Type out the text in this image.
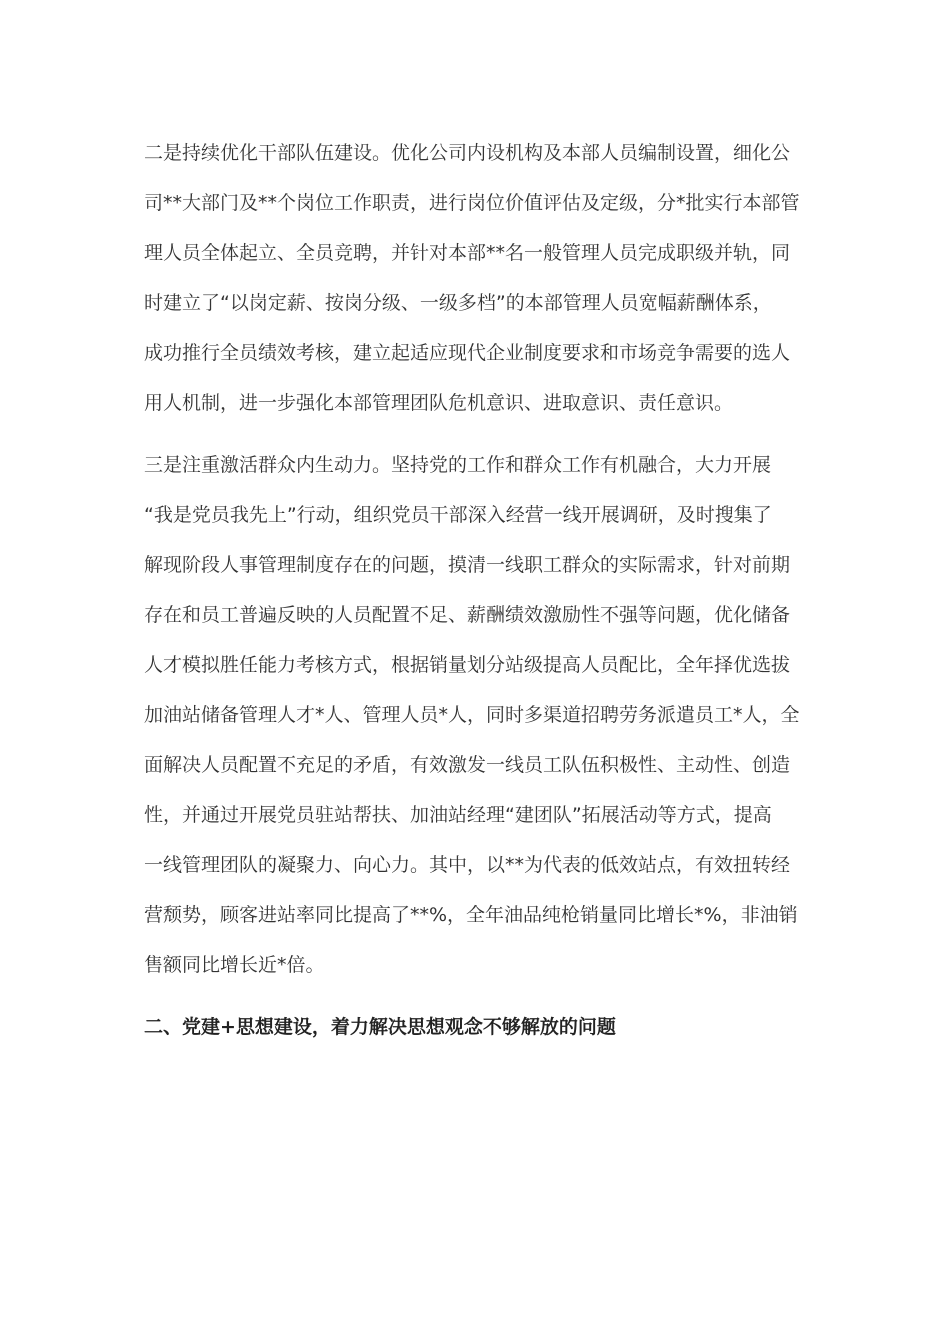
二是持续优化干部队伍建设。优化公司内设机构及本部人员编制设置，细化公
司**大部门及**个岗位工作职责，进行岗位价值评估及定级，分*批实行本部管
理人员全体起立、全员竞聘，并针对本部**名一般管理人员完成职级并轨，同
时建立了“以岗定薪、按岗分级、一级多档”的本部管理人员宽幅薪酬体系，
成功推行全员绩效考核，建立起适应现代企业制度要求和市场竞争需要的选人
用人机制，进一步强化本部管理团队危机意识、进取意识、责任意识。
三是注重激活群众内生动力。坚持党的工作和群众工作有机融合，大力开展
“我是党员我先上”行动，组织党员干部深入经营一线开展调研，及时搜集了
解现阶段人事管理制度存在的问题，摸清一线职工群众的实际需求，针对前期
存在和员工普遍反映的人员配置不足、薪酬绩效激励性不强等问题，优化储备
人才模拟胜任能力考核方式，根据销量划分站级提高人员配比，全年择优选拔
加油站储备管理人才*人、管理人员*人，同时多渠道招聘劳务派遣员工*人，全
面解决人员配置不充足的矛盾，有效激发一线员工队伍积极性、主动性、创造
性，并通过开展党员驻站帮扶、加油站经理“建团队”拓展活动等方式，提高
一线管理团队的凝聚力、向心力。其中，以**为代表的低效站点，有效扭转经
营颓势，顾客进站率同比提高了**%，全年油品纯枪销量同比增长*%，非油销
售额同比增长近*倍。
二、党建+思想建设，着力解决思想观念不够解放的问题
